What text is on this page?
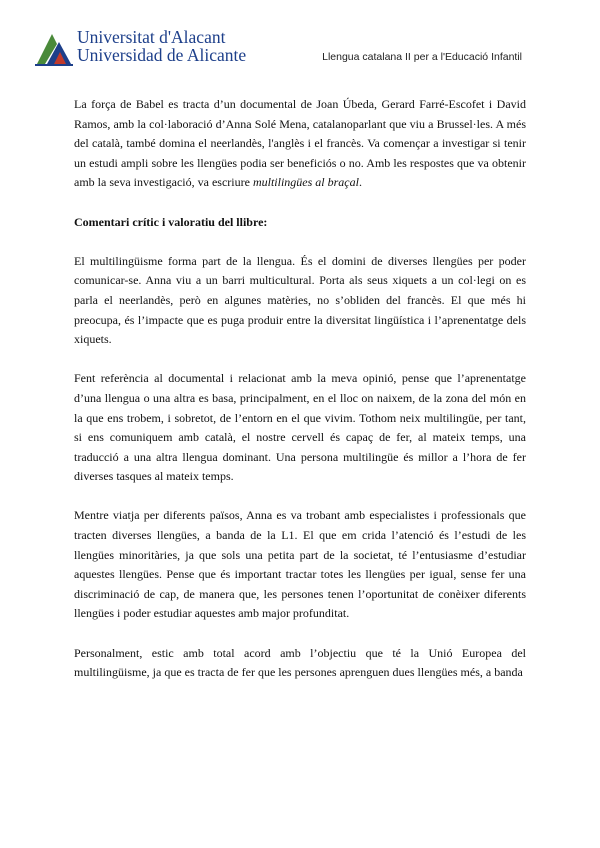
Universitat d'Alacant
Universidad de Alicante	Llengua catalana II per a l'Educació Infantil

La força de Babel es tracta d’un documental de Joan Úbeda, Gerard Farré-Escofet i David Ramos, amb la col·laboració d’Anna Solé Mena, catalanoparlant que viu a Brussel·les. A més del català, també domina el neerlandès, l'anglès i el francès. Va començar a investigar si tenir un estudi ampli sobre les llengües podia ser beneficiós o no. Amb les respostes que va obtenir amb la seva investigació, va escriure multilingües al braçal.

Comentari crític i valoratiu del llibre:

El multilingüisme forma part de la llengua. És el domini de diverses llengües per poder comunicar-se. Anna viu a un barri multicultural. Porta als seus xiquets a un col·legi on es parla el neerlandès, però en algunes matèries, no s’obliden del francès. El que més hi preocupa, és l’impacte que es puga produir entre la diversitat lingüística i l’aprenentatge dels xiquets.

Fent referència al documental i relacionat amb la meva opinió, pense que l’aprenentatge d’una llengua o una altra es basa, principalment, en el lloc on naixem, de la zona del món en la que ens trobem, i sobretot, de l’entorn en el que vivim. Tothom neix multilingüe, per tant, si ens comuniquem amb català, el nostre cervell és capaç de fer, al mateix temps, una traducció a una altra llengua dominant. Una persona multilingüe és millor a l’hora de fer diverses tasques al mateix temps.

Mentre viatja per diferents països, Anna es va trobant amb especialistes i professionals que tracten diverses llengües, a banda de la L1. El que em crida l’atenció és l’estudi de les llengües minoritàries, ja que sols una petita part de la societat, té l’entusiasme d’estudiar aquestes llengües. Pense que és important tractar totes les llengües per igual, sense fer una discriminació de cap, de manera que, les persones tenen l’oportunitat de conèixer diferents llengües i poder estudiar aquestes amb major profunditat.

Personalment, estic amb total acord amb l’objectiu que té la Unió Europea del multilingüisme, ja que es tracta de fer que les persones aprenguen dues llengües més, a banda
